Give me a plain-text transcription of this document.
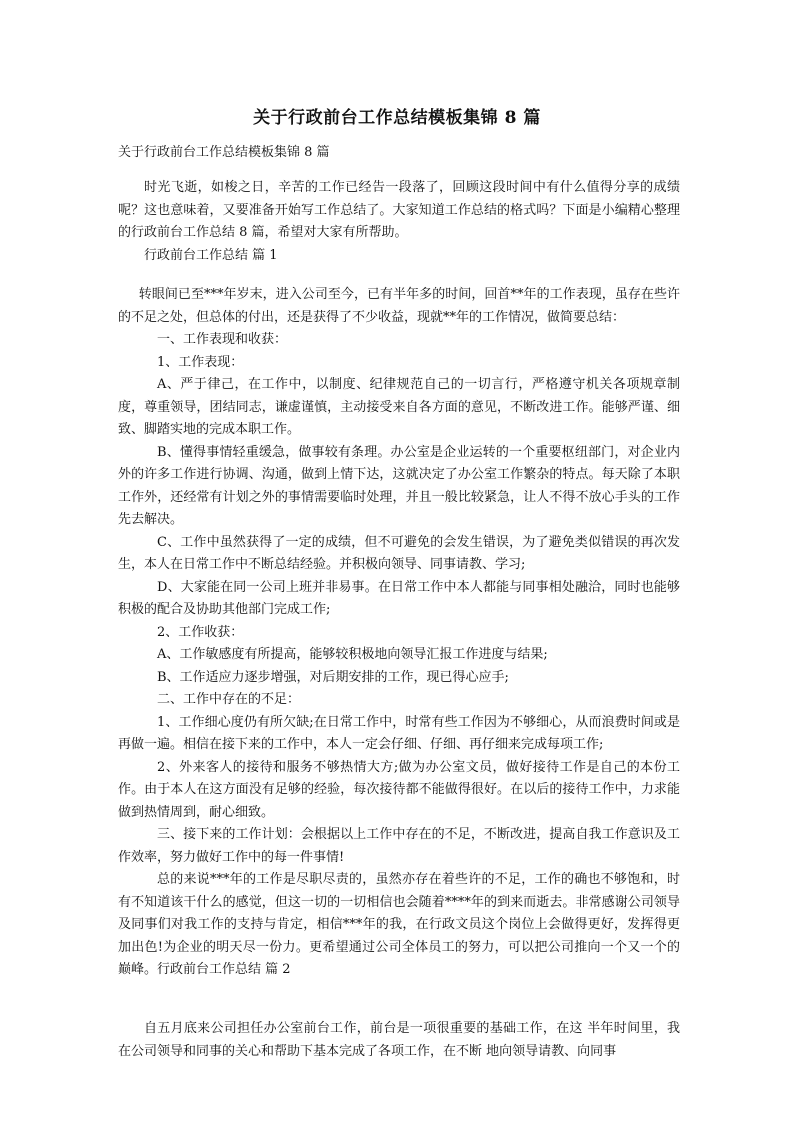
关于行政前台工作总结模板集锦 8 篇
关于行政前台工作总结模板集锦 8 篇

时光飞逝，如梭之日，辛苦的工作已经告一段落了，回顾这段时间中有什么值得分享的成绩呢？这也意味着，又要准备开始写工作总结了。大家知道工作总结的格式吗？下面是小编精心整理的行政前台工作总结 8 篇，希望对大家有所帮助。

行政前台工作总结 篇 1

转眼间已至***年岁末，进入公司至今，已有半年多的时间，回首**年的工作表现，虽存在些许的不足之处，但总体的付出，还是获得了不少收益，现就**年的工作情况，做简要总结：

一、工作表现和收获：

1、工作表现：

A、严于律己，在工作中，以制度、纪律规范自己的一切言行，严格遵守机关各项规章制度，尊重领导，团结同志，谦虚谨慎，主动接受来自各方面的意见，不断改进工作。能够严谨、细致、脚踏实地的完成本职工作。

B、懂得事情轻重缓急，做事较有条理。办公室是企业运转的一个重要枢纽部门，对企业内外的许多工作进行协调、沟通，做到上情下达，这就决定了办公室工作繁杂的特点。每天除了本职工作外，还经常有计划之外的事情需要临时处理，并且一般比较紧急，让人不得不放心手头的工作先去解决。

C、工作中虽然获得了一定的成绩，但不可避免的会发生错误，为了避免类似错误的再次发生，本人在日常工作中不断总结经验。并积极向领导、同事请教、学习;

D、大家能在同一公司上班并非易事。在日常工作中本人都能与同事相处融洽，同时也能够积极的配合及协助其他部门完成工作;

2、工作收获：

A、工作敏感度有所提高，能够较积极地向领导汇报工作进度与结果;

B、工作适应力逐步增强，对后期安排的工作，现已得心应手;

二、工作中存在的不足：

1、工作细心度仍有所欠缺;在日常工作中，时常有些工作因为不够细心，从而浪费时间或是再做一遍。相信在接下来的工作中，本人一定会仔细、仔细、再仔细来完成每项工作;

2、外来客人的接待和服务不够热情大方;做为办公室文员，做好接待工作是自己的本份工作。由于本人在这方面没有足够的经验，每次接待都不能做得很好。在以后的接待工作中，力求能做到热情周到，耐心细致。

三、接下来的工作计划：会根据以上工作中存在的不足，不断改进，提高自我工作意识及工作效率，努力做好工作中的每一件事情!

总的来说***年的工作是尽职尽责的，虽然亦存在着些许的不足，工作的确也不够饱和，时有不知道该干什么的感觉，但这一切的一切相信也会随着****年的到来而逝去。非常感谢公司领导及同事们对我工作的支持与肯定，相信***年的我，在行政文员这个岗位上会做得更好，发挥得更加出色!为企业的明天尽一份力。更希望通过公司全体员工的努力，可以把公司推向一个又一个的巅峰。行政前台工作总结 篇 2

自五月底来公司担任办公室前台工作，前台是一项很重要的基础工作，在这 半年时间里，我在公司领导和同事的关心和帮助下基本完成了各项工作，在不断 地向领导请教、向同事
